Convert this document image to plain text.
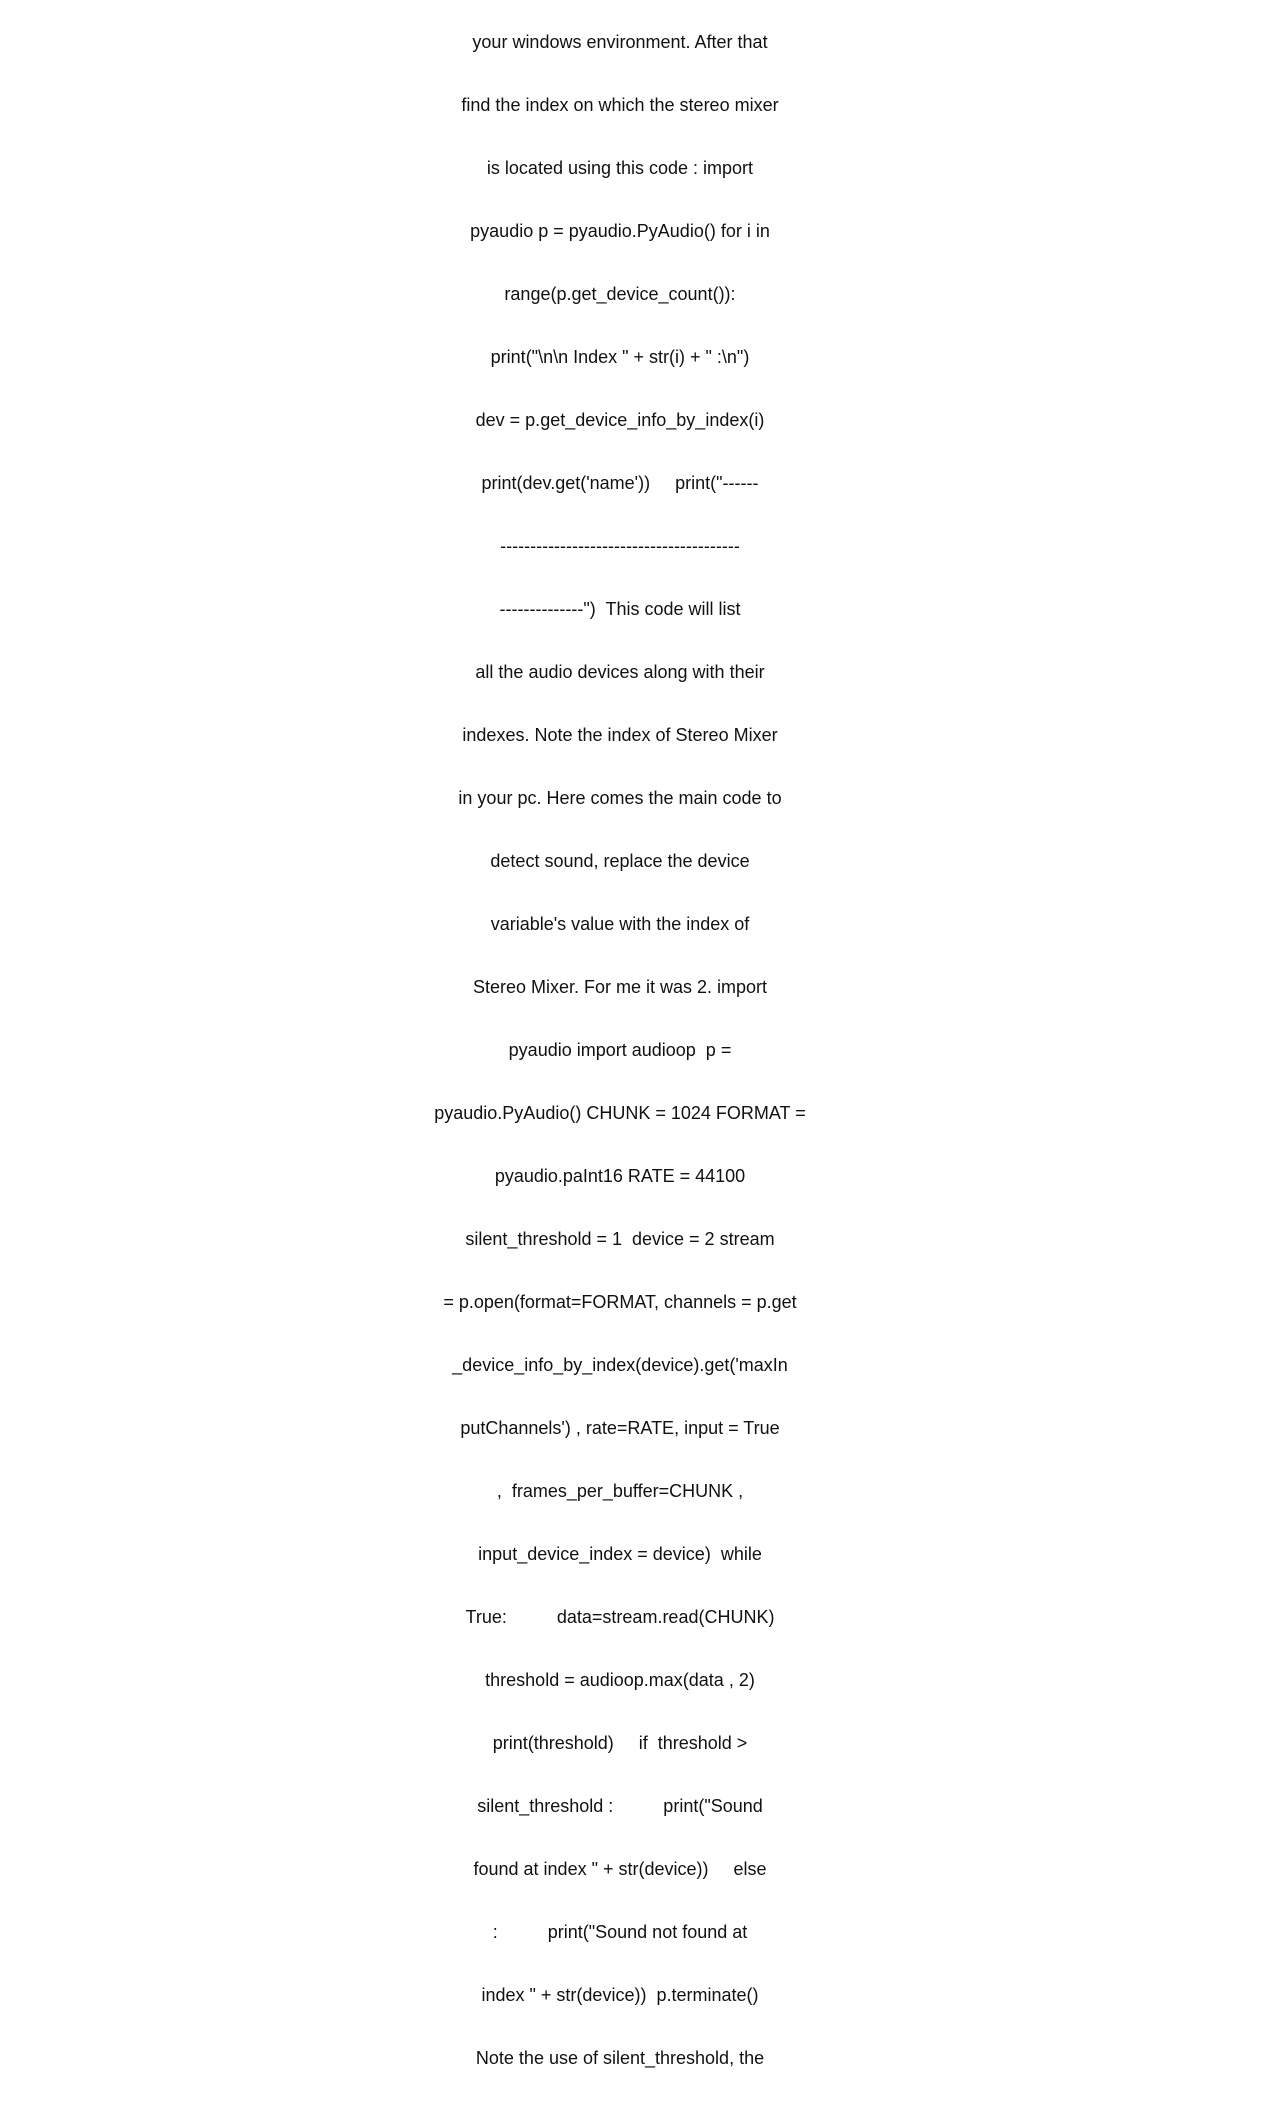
your windows environment. After that

find the index on which the stereo mixer

is located using this code : import

pyaudio p = pyaudio.PyAudio() for i in

range(p.get_device_count()):

print("\n\n Index " + str(i) + " :\n")

dev = p.get_device_info_by_index(i)

print(dev.get('name'))     print("------

----------------------------------------

--------------")  This code will list

all the audio devices along with their

indexes. Note the index of Stereo Mixer

in your pc. Here comes the main code to

detect sound, replace the device

variable's value with the index of

Stereo Mixer. For me it was 2. import

pyaudio import audioop  p =

pyaudio.PyAudio() CHUNK = 1024 FORMAT =

pyaudio.paInt16 RATE = 44100

silent_threshold = 1  device = 2 stream

= p.open(format=FORMAT, channels = p.get

_device_info_by_index(device).get('maxIn

putChannels') , rate=RATE, input = True

,  frames_per_buffer=CHUNK ,

input_device_index = device)  while

True:          data=stream.read(CHUNK)

threshold = audioop.max(data , 2)

print(threshold)     if  threshold >

silent_threshold :          print("Sound

found at index " + str(device))     else

:          print("Sound not found at

index " + str(device))  p.terminate()

Note the use of silent_threshold, the
